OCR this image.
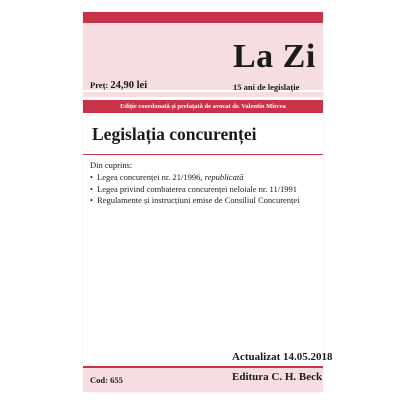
Preț: 24,90 lei
La Zi
15 ani de legislație
Ediție coordonată și prefațată de avocat dr. Valentin Mircea
Legislația concurenței
Din cuprins:
• Legea concurenței nr. 21/1996, republicată
• Legea privind combaterea concurenței neloiale nr. 11/1991
• Regulamente și instrucțiuni emise de Consiliul Concurenței
Actualizat 14.05.2018
Cod: 655	Editura C. H. Beck
